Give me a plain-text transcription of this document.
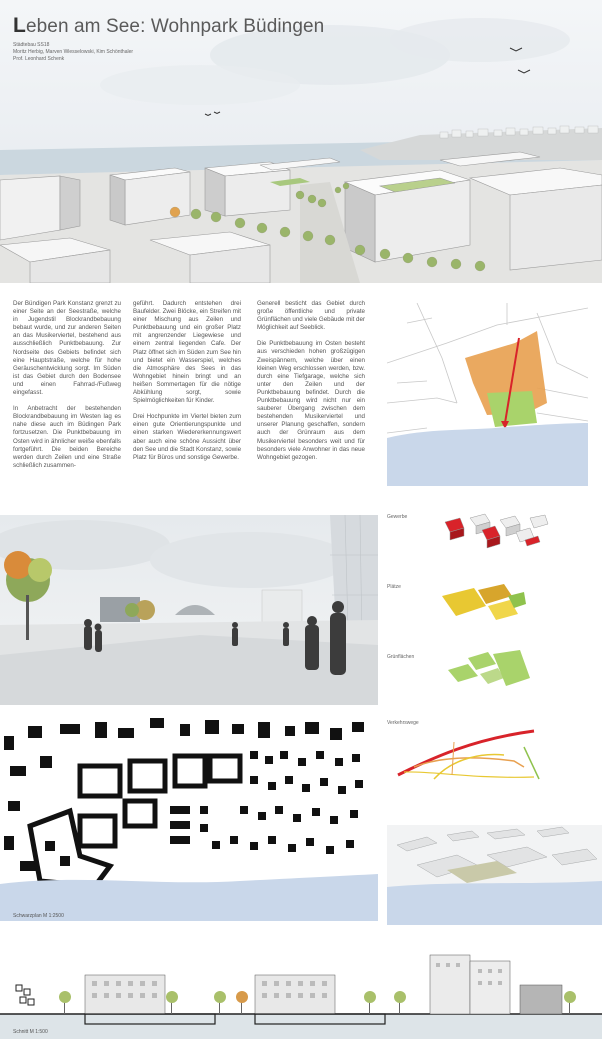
Leben am See: Wohnpark Büdingen
Städtebau SS18
Moritz Herbig, Marven Wiesselowski, Kim Schönthaler
Prof. Leonhard Schenk

Der Bündigen Park Konstanz grenzt zu einer Seite an der Seestraße, welche in Jugendstil Blockrandbebauung bebaut wurde, und zur anderen Seiten an das Musikerviertel, bestehend aus ausschließlich Punktbebauung. Zur Nordseite des Gebiets befindet sich eine Hauptstraße, welche für hohe Geräuschentwicklung sorgt. Im Süden ist das Gebiet durch den Bodensee und einen Fahrrad-/Fußweg eingefasst.

In Anbetracht der bestehenden Blockrandbebauung im Westen lag es nahe diese auch im Büdingen Park fortzusetzen. Die Punktbebauung im Osten wird in ähnlicher weiße ebenfalls fortgeführt. Die beiden Bereiche werden durch Zeilen und eine Straße schließlich zusammen-

geführt. Dadurch entstehen drei Baufelder. Zwei Blöcke, ein Streifen mit einer Mischung aus Zeilen und Punktbebauung und ein großer Platz mit angrenzender Liegewiese und einem zentral liegenden Cafe. Der Platz öffnet sich im Süden zum See hin und bietet ein Wasserspiel, welches die Atmosphäre des Sees in das Wohngebiet hinein bringt und an heißen Sommertagen für die nötige Abkühlung sorgt, sowie Spielmöglichkeiten für Kinder.

Drei Hochpunkte im Viertel bieten zum einen gute Orientierungspunkte und einen starken Wiedererkennungswert aber auch eine schöne Aussicht über den See und die Stadt Konstanz, sowie Platz für Büros und sonstige Gewerbe.

Generell besticht das Gebiet durch große öffentliche und private Grünflächen und viele Gebäude mit der Möglichkeit auf Seeblick.

Die Punktbebauung im Osten besteht aus verschieden hohen großzügigen Zweispännern, welche über einen kleinen Weg erschlossen werden, bzw. durch eine Tiefgarage, welche sich unter den Zeilen und der Punktbebauung befindet. Durch die Punktbebauung wird nicht nur ein sauberer Übergang zwischen dem bestehenden Musikerviertel und unserer Planung geschaffen, sondern auch der Grünraum aus dem Musikerviertel besonders weit und für besonders viele Anwohner in das neue Wohngebiet gezogen.

Gewerbe
Plätze
Grünflächen
Verkehrswege
Schwarzplan M 1:2500
Schnitt M 1:500
